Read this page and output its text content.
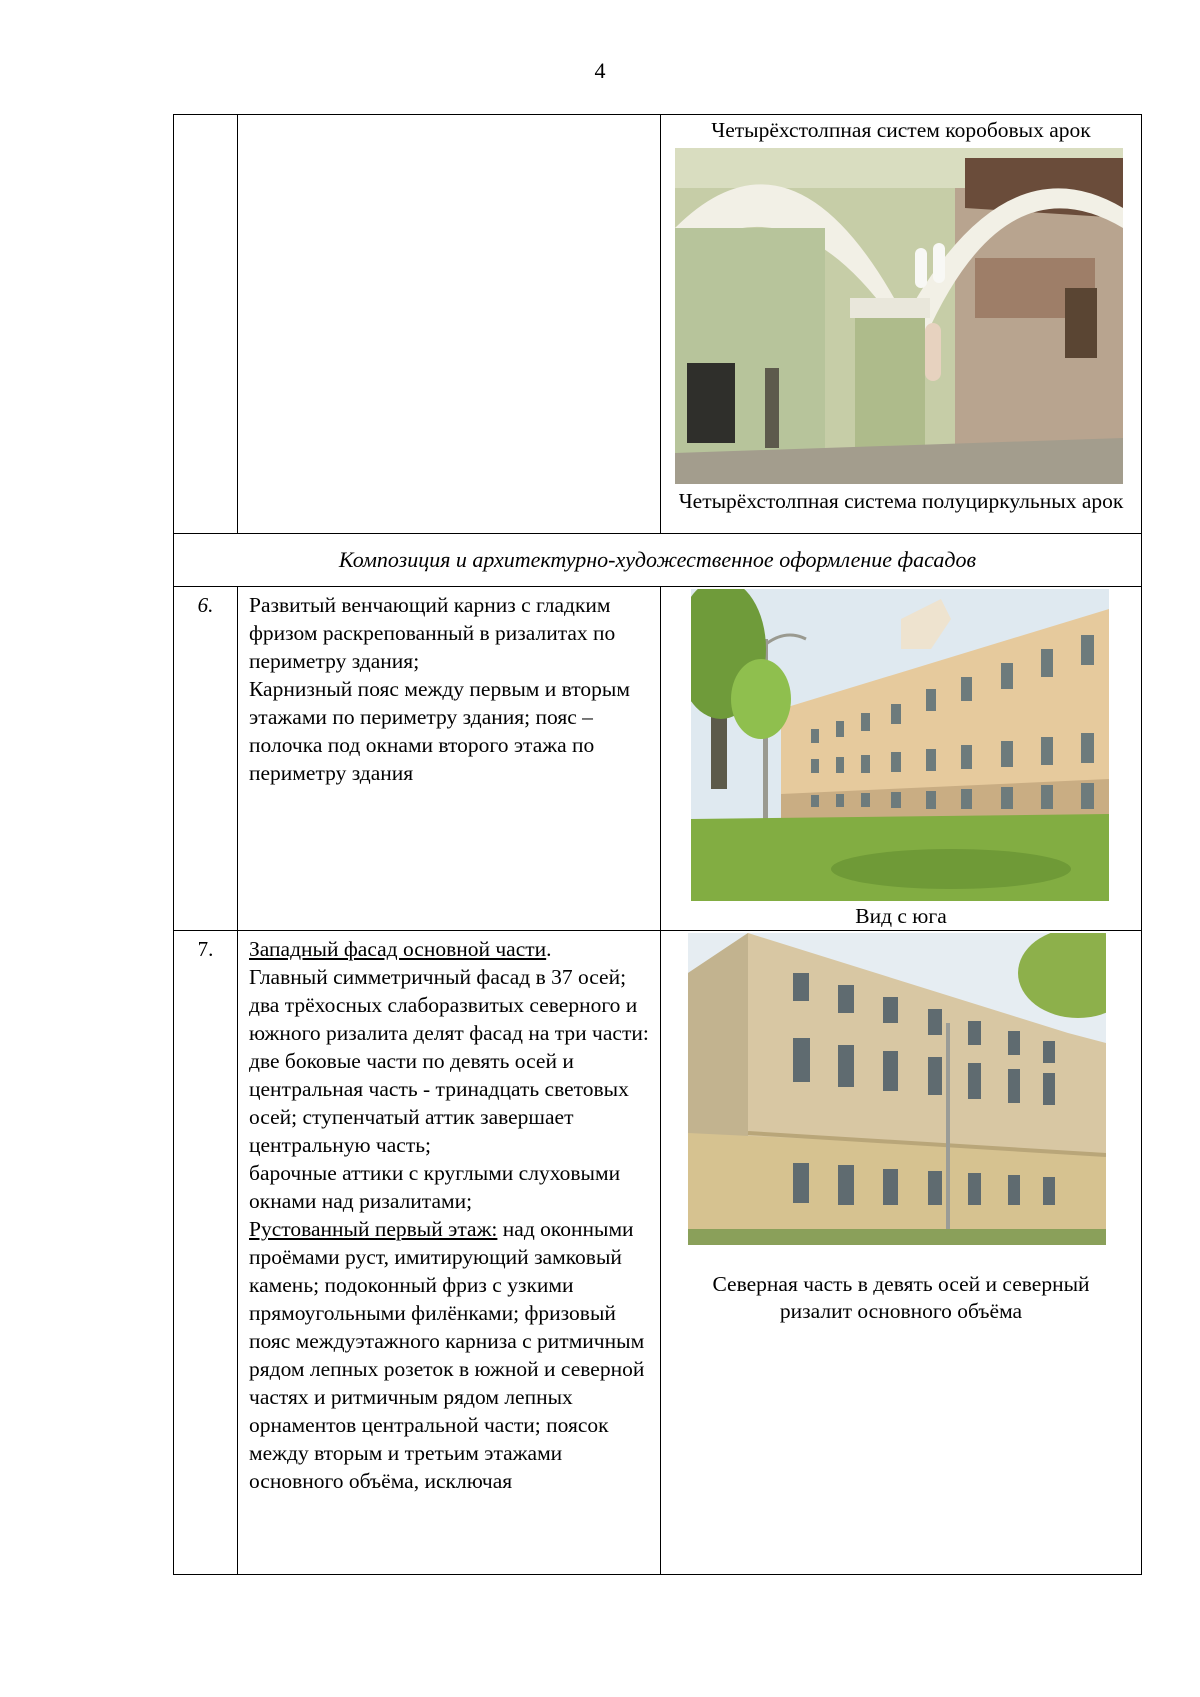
4

		Четырёхстолпная систем коробовых арок
Четырёхстолпная система полуциркульных арок

Композиция и архитектурно-художественное оформление фасадов		
6.	Развитый венчающий карниз с гладким фризом раскрепованный в ризалитах по периметру здания;

Карнизный пояс между первым и вторым этажами по периметру здания; пояс – полочка под окнами второго этажа по периметру здания	Вид с юга

7.	Западный фасад основной части.

Главный симметричный фасад в 37 осей; два трёхосных слаборазвитых северного и южного ризалита делят фасад на три части: две боковые части по девять осей и центральная часть - тринадцать световых осей; ступенчатый аттик завершает центральную часть;

барочные аттики с круглыми слуховыми окнами над ризалитами;

Рустованный первый этаж: над оконными проёмами руст, имитирующий замковый камень; подоконный фриз с узкими прямоугольными филёнками; фризовый пояс междуэтажного карниза с ритмичным рядом лепных розеток в южной и северной частях и ритмичным рядом лепных орнаментов центральной части; поясок между вторым и третьим этажами основного объёма, исключая	Северная часть в девять осей и северный ризалит основного объёма
